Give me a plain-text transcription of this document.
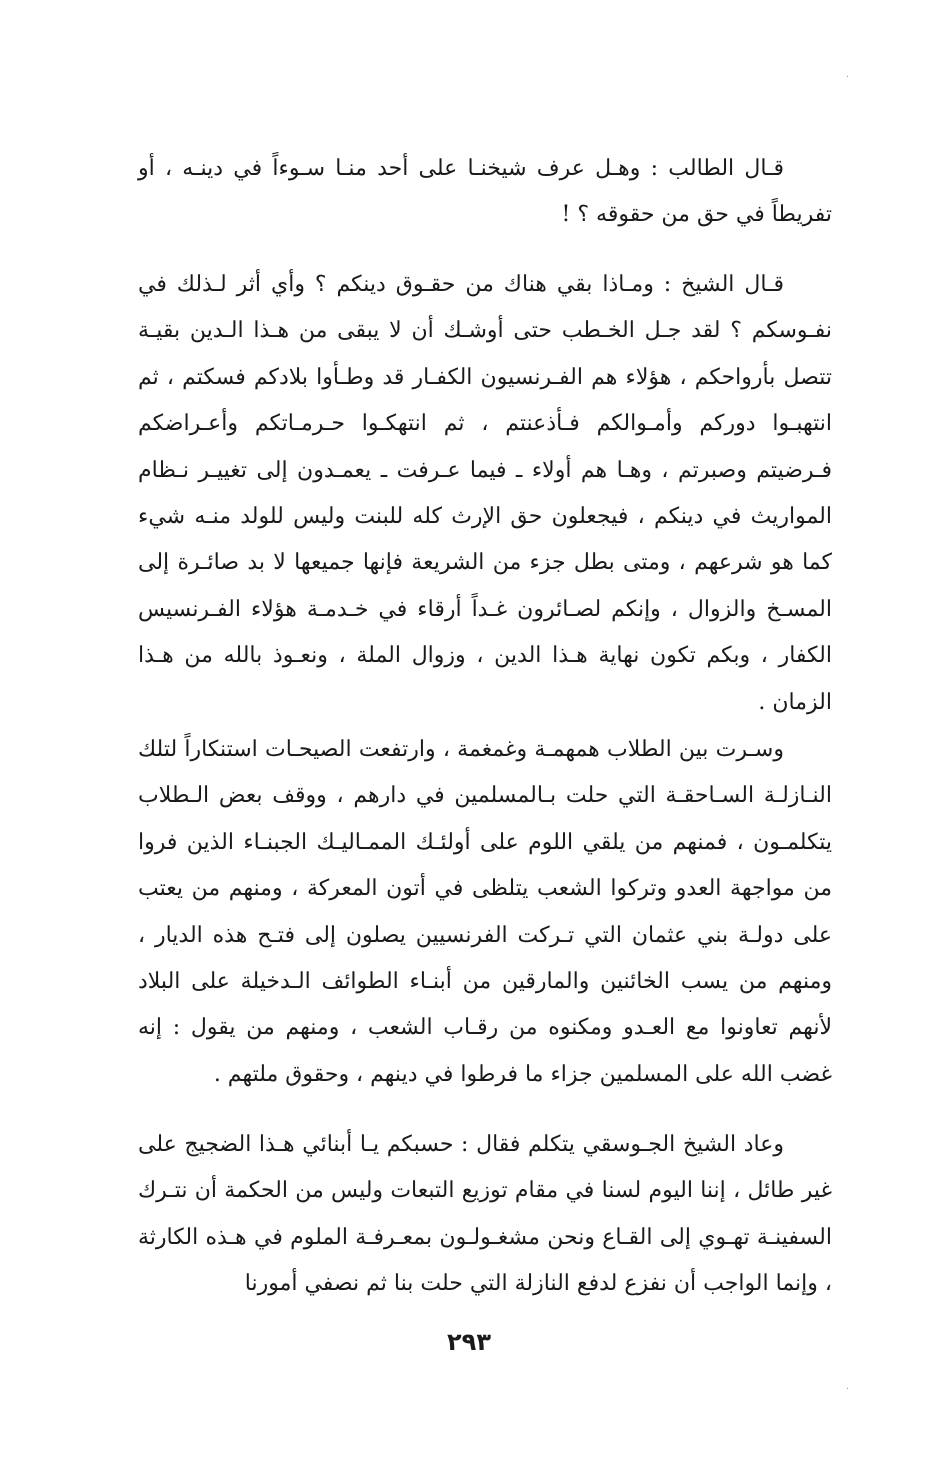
قـال الطالب : وهـل عرف شيخنـا على أحد منـا سـوءاً في دينـه ، أو تفريطاً في حق من حقوقه ؟ !

قـال الشيخ : ومـاذا بقي هناك من حقـوق دينكم ؟ وأي أثر لـذلك في نفـوسكم ؟ لقد جـل الخـطب حتى أوشـك أن لا يبقى من هـذا الـدين بقيـة تتصل بأرواحكم ، هؤلاء هم الفـرنسيون الكفـار قد وطـأوا بلادكم فسكتم ، ثم انتهبـوا دوركم وأمـوالكم فـأذعنتم ، ثم انتهكـوا حـرمـاتكم وأعـراضكم فـرضيتم وصبرتم ، وهـا هم أولاء ـ فيما عـرفت ـ يعمـدون إلى تغييـر نـظام المواريث في دينكم ، فيجعلون حق الإرث كله للبنت وليس للولد منـه شيء كما هو شرعهم ، ومتى بطل جزء من الشريعة فإنها جميعها لا بد صائـرة إلى المسـخ والزوال ، وإنكم لصـائرون غـداً أرقاء في خـدمـة هؤلاء الفـرنسيس الكفار ، وبكم تكون نهاية هـذا الدين ، وزوال الملة ، ونعـوذ بالله من هـذا الزمان .

وسـرت بين الطلاب همهمـة وغمغمة ، وارتفعت الصيحـات استنكاراً لتلك النـازلـة السـاحقـة التي حلت بـالمسلمين في دارهم ، ووقف بعض الـطلاب يتكلمـون ، فمنهم من يلقي اللوم على أولئـك الممـاليـك الجبنـاء الذين فروا من مواجهة العدو وتركوا الشعب يتلظى في أتون المعركة ، ومنهم من يعتب على دولـة بني عثمان التي تـركت الفرنسيين يصلون إلى فتـح هذه الديار ، ومنهم من يسب الخائنين والمارقين من أبنـاء الطوائف الـدخيلة على البلاد لأنهم تعاونوا مع العـدو ومكنوه من رقـاب الشعب ، ومنهم من يقول : إنه غضب الله على المسلمين جزاء ما فرطوا في دينهم ، وحقوق ملتهم .

وعاد الشيخ الجـوسقي يتكلم فقال : حسبكم يـا أبنائي هـذا الضجيج على غير طائل ، إننا اليوم لسنا في مقام توزيع التبعات وليس من الحكمة أن نتـرك السفينـة تهـوي إلى القـاع ونحن مشغـولـون بمعـرفـة الملوم في هـذه الكارثة ، وإنما الواجب أن نفزع لدفع النازلة التي حلت بنا ثم نصفي أمورنا

٢٩٣
·
·
